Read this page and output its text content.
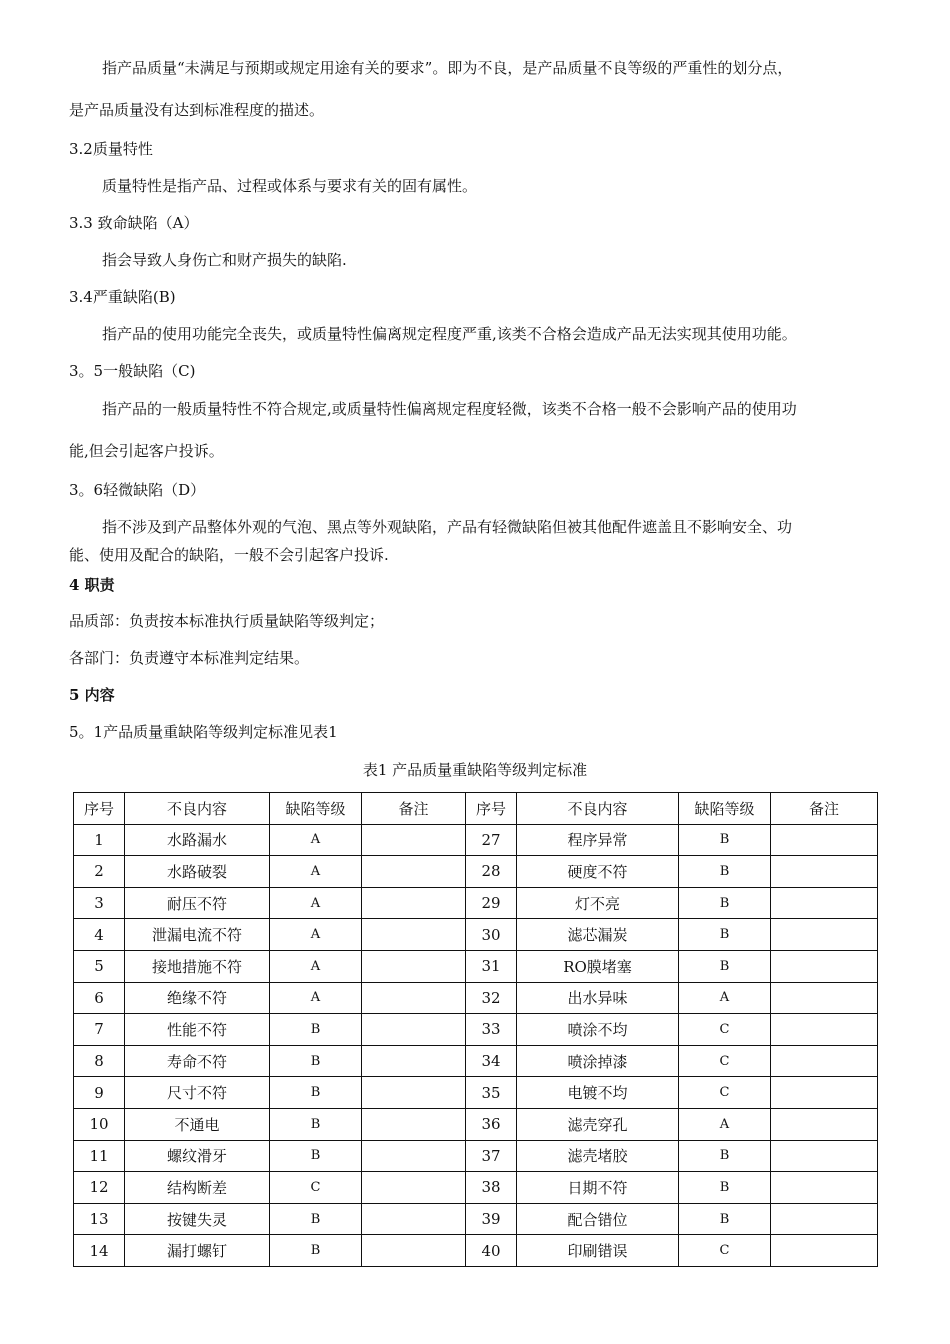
指产品质量“未满足与预期或规定用途有关的要求”。即为不良，是产品质量不良等级的严重性的划分点，
是产品质量没有达到标准程度的描述。
3.2质量特性
质量特性是指产品、过程或体系与要求有关的固有属性。
3.3 致命缺陷（A）
指会导致人身伤亡和财产损失的缺陷.
3.4严重缺陷(B)
指产品的使用功能完全丧失，或质量特性偏离规定程度严重,该类不合格会造成产品无法实现其使用功能。
3。5一般缺陷（C)
指产品的一般质量特性不符合规定,或质量特性偏离规定程度轻微，该类不合格一般不会影响产品的使用功
能,但会引起客户投诉。
3。6轻微缺陷（D）
指不涉及到产品整体外观的气泡、黑点等外观缺陷，产品有轻微缺陷但被其他配件遮盖且不影响安全、功
能、使用及配合的缺陷，一般不会引起客户投诉.
4 职责
品质部：负责按本标准执行质量缺陷等级判定；
各部门：负责遵守本标准判定结果。
5 内容
5。1产品质量重缺陷等级判定标准见表1
表1 产品质量重缺陷等级判定标准
序号	不良内容	缺陷等级	备注	序号	不良内容	缺陷等级	备注
1	水路漏水	A		27	程序异常	B	
2	水路破裂	A		28	硬度不符	B	
3	耐压不符	A		29	灯不亮	B	
4	泄漏电流不符	A		30	滤芯漏炭	B	
5	接地措施不符	A		31	RO膜堵塞	B	
6	绝缘不符	A		32	出水异味	A	
7	性能不符	B		33	喷涂不均	C	
8	寿命不符	B		34	喷涂掉漆	C	
9	尺寸不符	B		35	电镀不均	C	
10	不通电	B		36	滤壳穿孔	A	
11	螺纹滑牙	B		37	滤壳堵胶	B	
12	结构断差	C		38	日期不符	B	
13	按键失灵	B		39	配合错位	B	
14	漏打螺钉	B		40	印刷错误	C	
